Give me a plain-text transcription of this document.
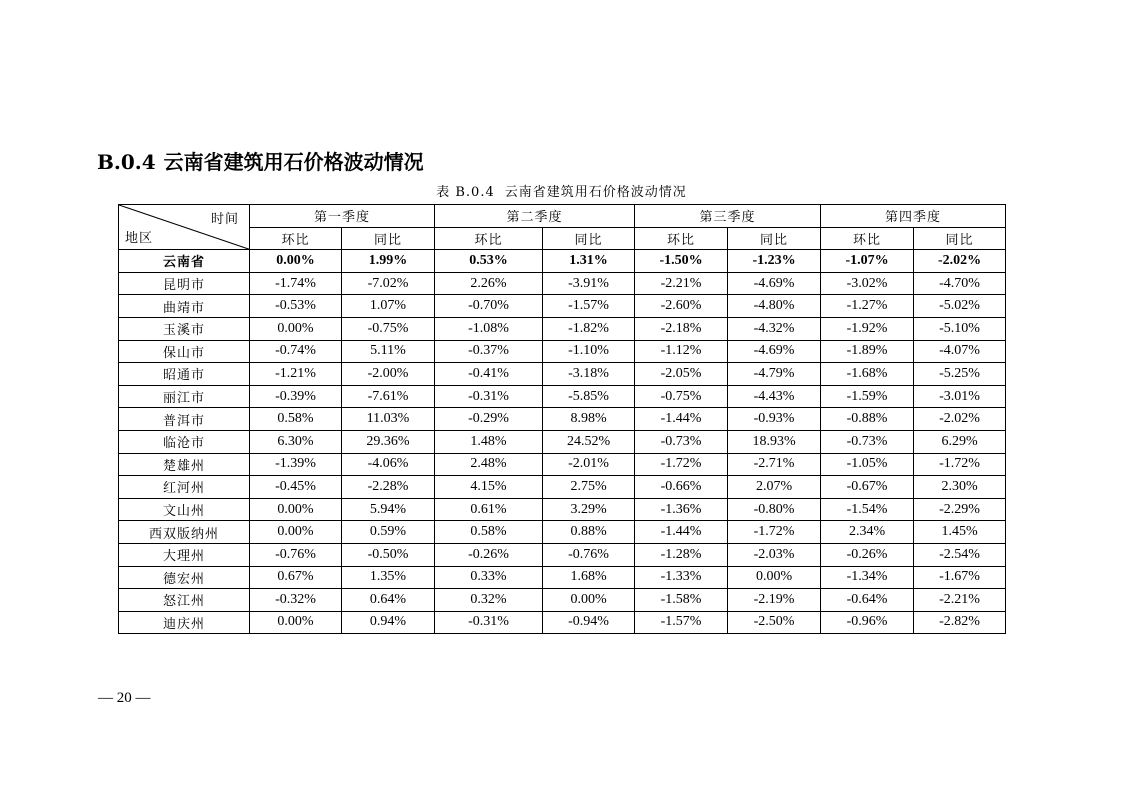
B.0.4 云南省建筑用石价格波动情况
表 B.0.4 云南省建筑用石价格波动情况
时间
地区	第一季度		第二季度		第三季度		第四季度	
	环比	同比	环比	同比	环比	同比	环比	同比
云南省	0.00%	1.99%	0.53%	1.31%	-1.50%	-1.23%	-1.07%	-2.02%
昆明市	-1.74%	-7.02%	2.26%	-3.91%	-2.21%	-4.69%	-3.02%	-4.70%
曲靖市	-0.53%	1.07%	-0.70%	-1.57%	-2.60%	-4.80%	-1.27%	-5.02%
玉溪市	0.00%	-0.75%	-1.08%	-1.82%	-2.18%	-4.32%	-1.92%	-5.10%
保山市	-0.74%	5.11%	-0.37%	-1.10%	-1.12%	-4.69%	-1.89%	-4.07%
昭通市	-1.21%	-2.00%	-0.41%	-3.18%	-2.05%	-4.79%	-1.68%	-5.25%
丽江市	-0.39%	-7.61%	-0.31%	-5.85%	-0.75%	-4.43%	-1.59%	-3.01%
普洱市	0.58%	11.03%	-0.29%	8.98%	-1.44%	-0.93%	-0.88%	-2.02%
临沧市	6.30%	29.36%	1.48%	24.52%	-0.73%	18.93%	-0.73%	6.29%
楚雄州	-1.39%	-4.06%	2.48%	-2.01%	-1.72%	-2.71%	-1.05%	-1.72%
红河州	-0.45%	-2.28%	4.15%	2.75%	-0.66%	2.07%	-0.67%	2.30%
文山州	0.00%	5.94%	0.61%	3.29%	-1.36%	-0.80%	-1.54%	-2.29%
西双版纳州	0.00%	0.59%	0.58%	0.88%	-1.44%	-1.72%	2.34%	1.45%
大理州	-0.76%	-0.50%	-0.26%	-0.76%	-1.28%	-2.03%	-0.26%	-2.54%
德宏州	0.67%	1.35%	0.33%	1.68%	-1.33%	0.00%	-1.34%	-1.67%
怒江州	-0.32%	0.64%	0.32%	0.00%	-1.58%	-2.19%	-0.64%	-2.21%
迪庆州	0.00%	0.94%	-0.31%	-0.94%	-1.57%	-2.50%	-0.96%	-2.82%
— 20 —
